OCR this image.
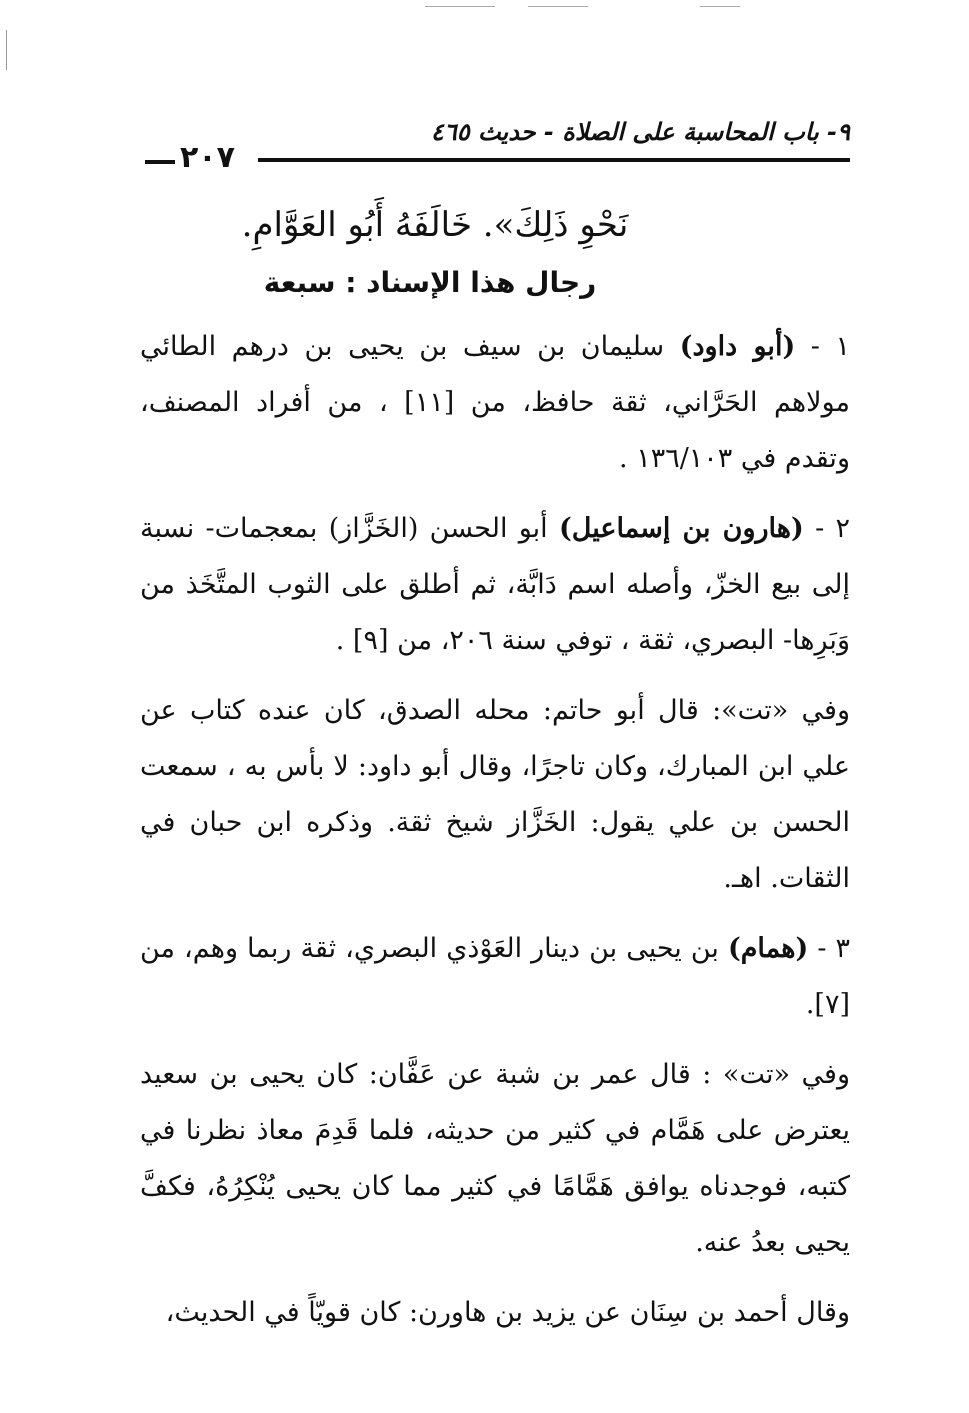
٩- باب المحاسبة على الصلاة - حديث ٤٦٥
٢٠٧
نَحْوِ ذَلِكَ». خَالَفَهُ أَبُو العَوَّامِ.
رجال هذا الإسناد : سبعة

١ - (أبو داود) سليمان بن سيف بن يحيى بن درهم الطائي مولاهم الحَرَّاني، ثقة حافظ، من [١١] ، من أفراد المصنف، وتقدم في ١٣٦/١٠٣ .

٢ - (هارون بن إسماعيل) أبو الحسن (الخَزَّاز) بمعجمات- نسبة إلى بيع الخزّ، وأصله اسم دَابَّة، ثم أطلق على الثوب المتَّخَذ من وَبَرِها- البصري، ثقة ، توفي سنة ٢٠٦، من [٩] .

وفي «تت»: قال أبو حاتم: محله الصدق، كان عنده كتاب عن علي ابن المبارك، وكان تاجرًا، وقال أبو داود: لا بأس به ، سمعت الحسن بن علي يقول: الخَزَّاز شيخ ثقة. وذكره ابن حبان في الثقات. اهـ.

٣ - (همام) بن يحيى بن دينار العَوْذي البصري، ثقة ربما وهم، من [٧].

وفي «تت» : قال عمر بن شبة عن عَفَّان: كان يحيى بن سعيد يعترض على هَمَّام في كثير من حديثه، فلما قَدِمَ معاذ نظرنا في كتبه، فوجدناه يوافق هَمَّامًا في كثير مما كان يحيى يُنْكِرُهُ، فكفَّ يحيى بعدُ عنه.

وقال أحمد بن سِنَان عن يزيد بن هاورن: كان قويّاً في الحديث،
